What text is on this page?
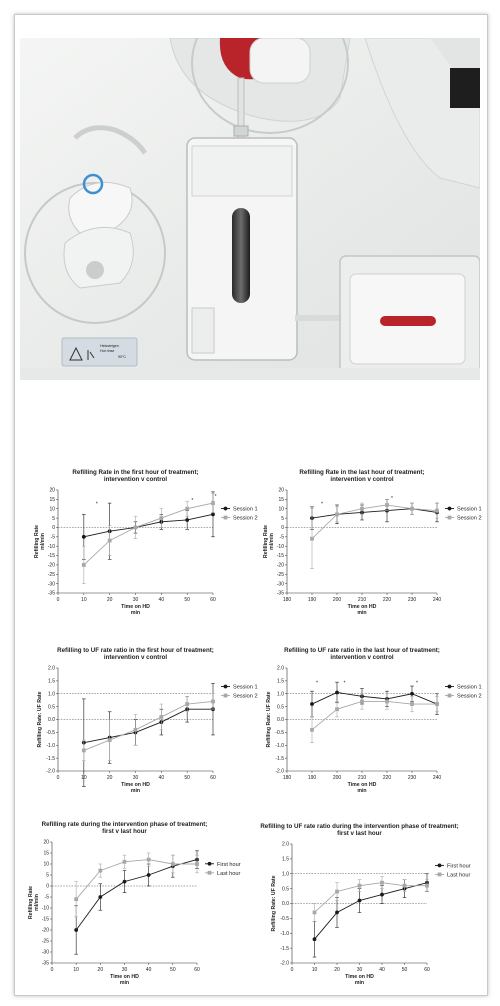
Heissteigen
Hot rinse
90°C
Refilling Rate in the first hour of treatment;
intervention v control
20
15
10
5
0
-5
-10
-15
-20
-25
-30
-35
0	10	20	30	40	50	60
Time on HD
min
Refilling Rate ml/min
*
*
*
Session 1
Session 2
Refilling Rate in the last hour of treatment;
intervention v control
20
15
10
5
0
-5
-10
-15
-20
-25
-30
-35
180	190	200	210	220	230	240
Time on HD
min
Refilling Rate ml/min
*
*
Session 1
Session 2
Refilling to UF rate ratio in the first hour of treatment;
intervention v control
2.0
1.5
1.0
0.5
0.0
-0.5
-1.0
-1.5
-2.0
0	10	20	30	40	50	60
Time on HD
min
Refilling Rate: UF Rate
Session 1
Session 2
Refilling to UF rate ratio in the last hour of treatment;
intervention v control
2.0
1.5
1.0
0.5
0.0
-0.5
-1.0
-1.5
-2.0
180	190	200	210	220	230	240
Time on HD
min
Refilling Rate: UF Rate
*	*	*
Session 1
Session 2
Refilling rate during the intervention phase of treatment;
first v last hour
20
15
10
5
0
-5
-10
-15
-20
-25
-30
-35
0	10	20	30	40	50	60
Time on HD
min
Refilling Rate ml/min
First hour
Last hour
Refilling to UF rate ratio during the intervention phase of treatment;
first v last hour
2.0
1.5
1.0
0.5
0.0
-0.5
-1.0
-1.5
-2.0
0	10	20	30	40	50	60
Time on HD
min
Refilling Rate: UF Rate
First hour
Last hour
